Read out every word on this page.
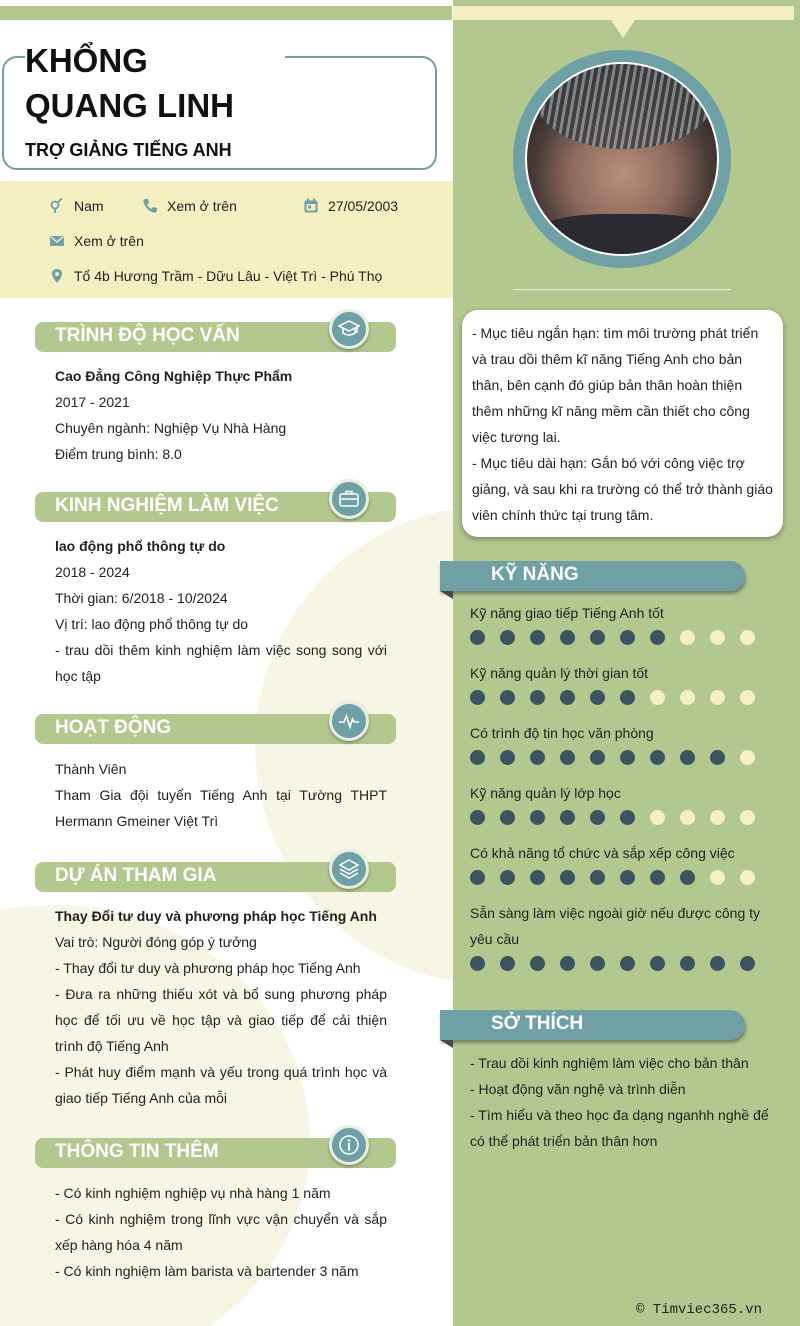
KHỔNG
QUANG LINH
TRỢ GIẢNG TIẾNG ANH
Nam	Xem ở trên	27/05/2003
Xem ở trên
Tổ 4b Hương Trầm - Dữu Lâu - Việt Trì - Phú Thọ
TRÌNH ĐỘ HỌC VẤN

Cao Đẳng Công Nghiệp Thực Phẩm

2017 - 2021

Chuyên ngành: Nghiệp Vụ Nhà Hàng

Điểm trung bình: 8.0

KINH NGHIỆM LÀM VIỆC

lao động phổ thông tự do

2018 - 2024

Thời gian: 6/2018 - 10/2024

Vị trí: lao động phổ thông tự do

- trau dồi thêm kinh nghiệm làm việc song song với học tập

HOẠT ĐỘNG

Thành Viên

Tham Gia đội tuyển Tiếng Anh tại Tường THPT Hermann Gmeiner Việt Trì

DỰ ÁN THAM GIA

Thay Đổi tư duy và phương pháp học Tiếng Anh

Vai trò: Người đóng góp ý tưởng

- Thay đổi tư duy và phương pháp học Tiếng Anh

- Đưa ra những thiếu xót và bổ sung phương pháp học để tối ưu về học tập và giao tiếp để cải thiện trình độ Tiếng Anh

- Phát huy điểm mạnh và yếu trong quá trình học và giao tiếp Tiếng Anh của mỗi

THÔNG TIN THÊM

- Có kinh nghiệm nghiệp vụ nhà hàng 1 năm

- Có kinh nghiệm trong lĩnh vực vận chuyển và sắp xếp hàng hóa 4 năm

- Có kinh nghiệm làm barista và bartender 3 năm

- Mục tiêu ngắn hạn: tìm môi trường phát triển và trau dồi thêm kĩ năng Tiếng Anh cho bản thân, bên cạnh đó giúp bản thân hoàn thiện thêm những kĩ năng mềm cần thiết cho công việc tương lai.

- Mục tiêu dài hạn: Gắn bó với công việc trợ giảng, và sau khi ra trường có thể trở thành giáo viên chính thức tại trung tâm.

KỸ NĂNG
Kỹ năng giao tiếp Tiếng Anh tốt
Kỹ năng quản lý thời gian tốt
Có trình độ tin học văn phòng
Kỹ năng quản lý lớp học
Có khả năng tổ chức và sắp xếp công việc
Sẵn sàng làm việc ngoài giờ nếu được công ty yêu cầu
SỞ THÍCH

- Trau dồi kinh nghiệm làm việc cho bản thân

- Hoạt động văn nghệ và trình diễn

- Tìm hiểu và theo học đa dạng nganhh nghề để có thể phát triển bản thân hơn

© Timviec365.vn
